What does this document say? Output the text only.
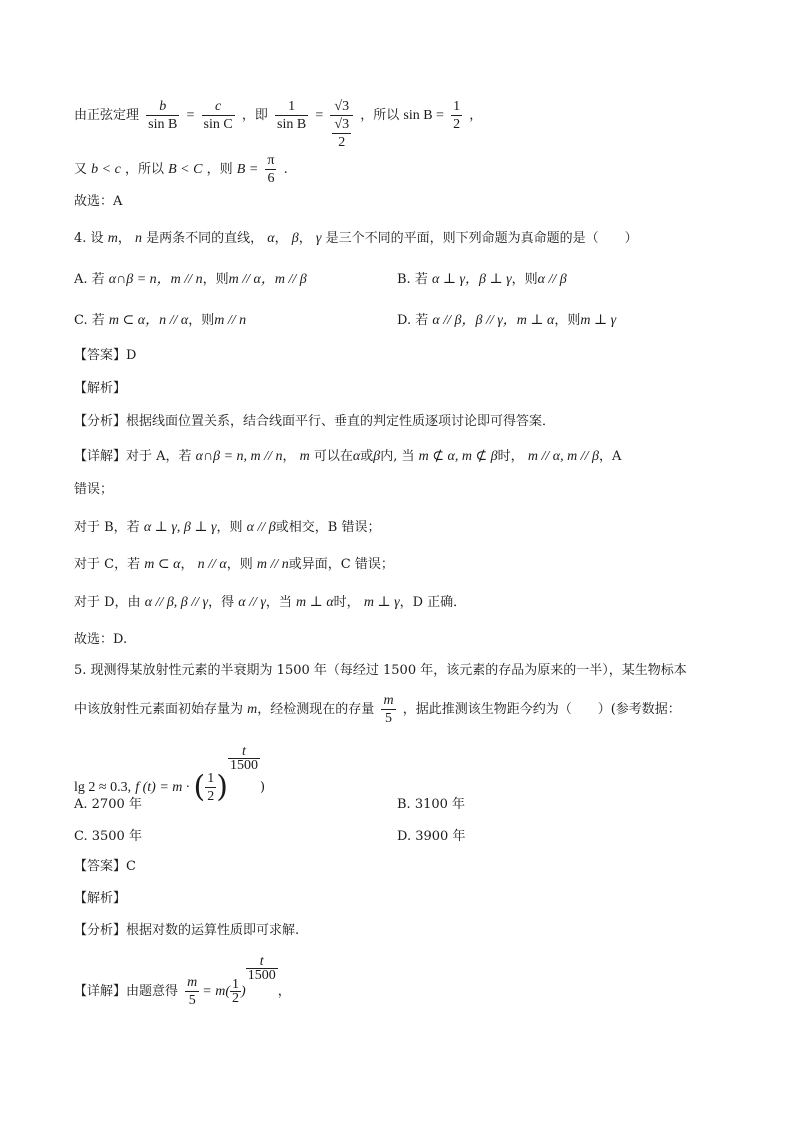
由正弦定理 $\frac{b}{\text{sin B}} = \frac{c}{\text{sin C}}$ ，即 $\frac{1}{\text{sin B}} = \frac{√3}{\frac{√3}{2}}$ ，所以 $\sin B = \frac{1}{2}$ ，
又 b < c ，所以 B < C ，则 $B = \frac{\pi}{6}$ .
故选：A
4. 设 m， n 是两条不同的直线， α， β， γ 是三个不同的平面，则下列命题为真命题的是（　　）
A. 若 α∩β = n，m // n，则m // α，m // β	B. 若 α ⊥ γ，β ⊥ γ，则α // β
C. 若 m ⊂ α，n // α，则m // n	D. 若 α // β，β // γ，m ⊥ α，则m ⊥ γ
【答案】D
【解析】
【分析】根据线面位置关系，结合线面平行、垂直的判定性质逐项讨论即可得答案．
【详解】对于 A，若 α∩β = n, m // n， m 可以在α或β内, 当 m ⊄ α, m ⊄ β时， m // α, m // β，A
错误；
对于 B，若 α ⊥ γ, β ⊥ γ，则 α // β或相交，B 错误；
对于 C，若 m ⊂ α， n // α，则 m // n或异面，C 错误；
对于 D，由 α // β, β // γ，得 α // γ，当 m ⊥ α时， m ⊥ γ，D 正确．
故选：D.
5. 现测得某放射性元素的半衰期为 1500 年（每经过 1500 年，该元素的存品为原来的一半），某生物标本
中该放射性元素面初始存量为 m，经检测现在的存量 $\frac{m}{5}$ ，据此推测该生物距今约为（　　）(参考数据：
lg 2 ≈ 0.3, f (t) = m · ( $\frac{1}{2}$ )
$\frac{t}{1500}$
)
A. 2700 年	B. 3100 年
C. 3500 年	D. 3900 年
【答案】C
【解析】
【分析】根据对数的运算性质即可求解.
【详解】由题意得 $\frac{m}{5} = m( \frac{1}{2}$ )
$\frac{t}{1500}$
，
